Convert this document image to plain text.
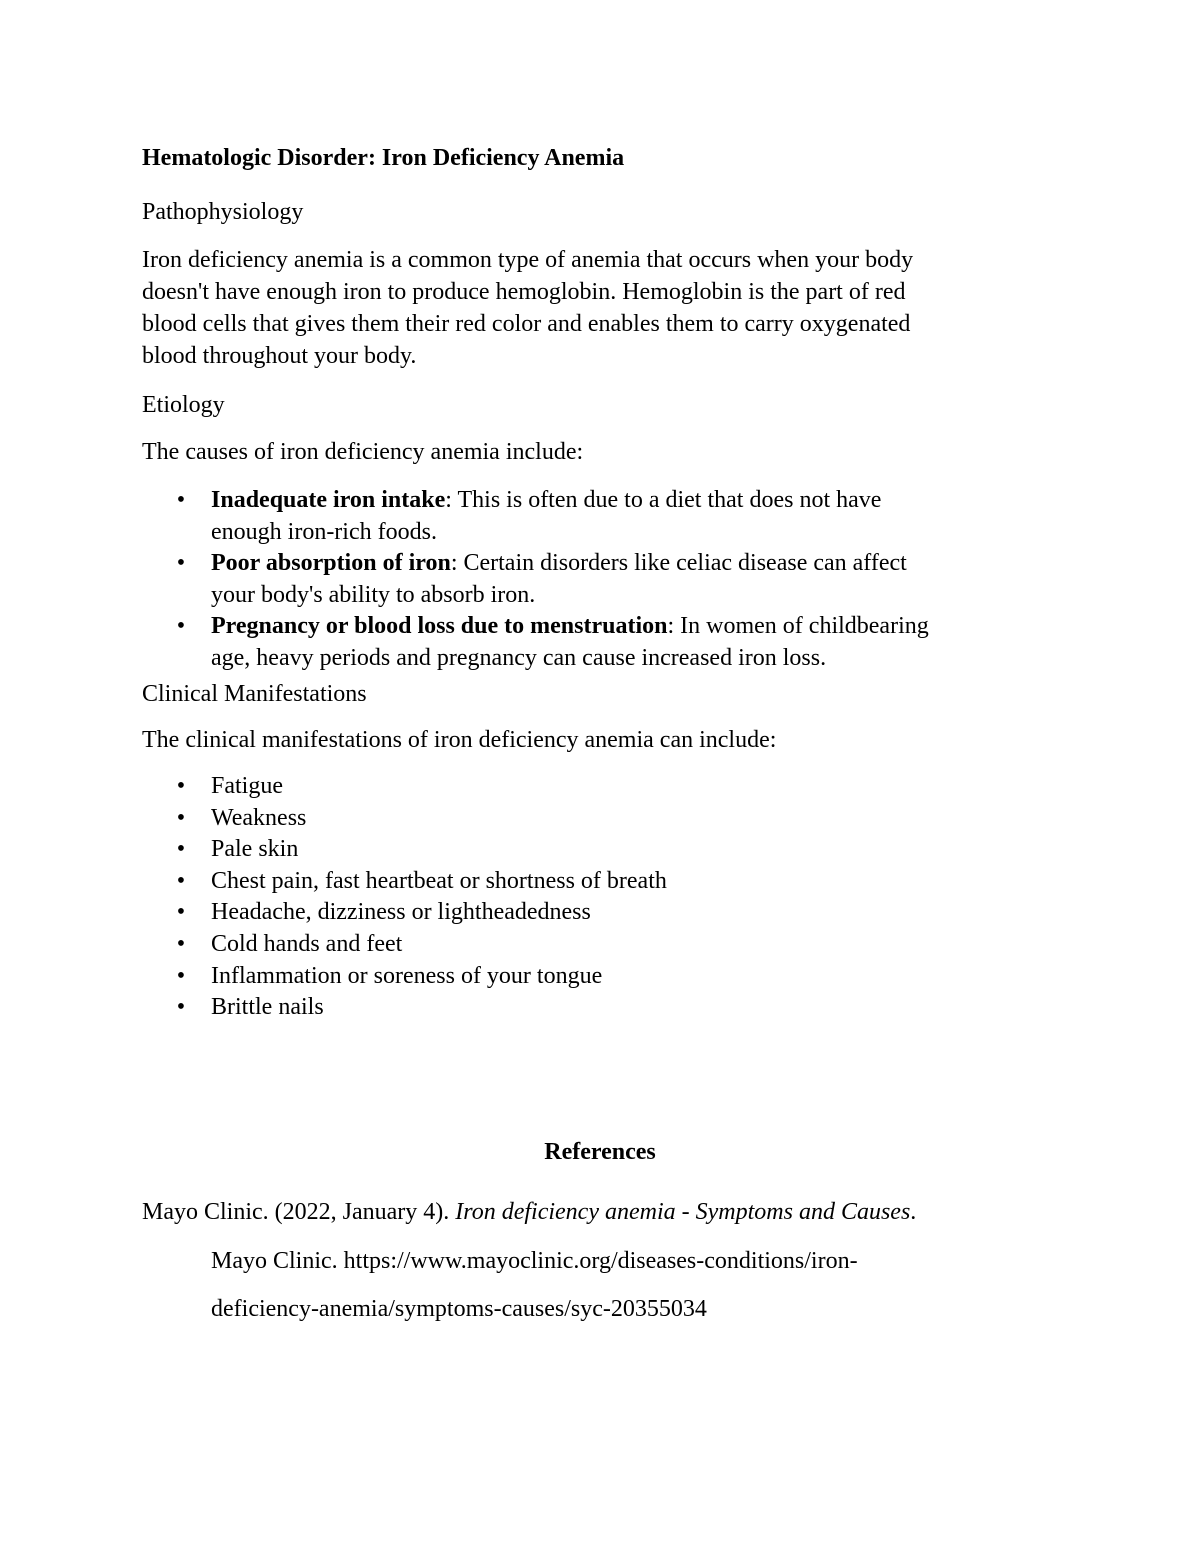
Hematologic Disorder: Iron Deficiency Anemia
Pathophysiology
Iron deficiency anemia is a common type of anemia that occurs when your body
doesn't have enough iron to produce hemoglobin. Hemoglobin is the part of red
blood cells that gives them their red color and enables them to carry oxygenated
blood throughout your body.
Etiology
The causes of iron deficiency anemia include:
• Inadequate iron intake: This is often due to a diet that does not have
enough iron-rich foods.
• Poor absorption of iron: Certain disorders like celiac disease can affect
your body's ability to absorb iron.
• Pregnancy or blood loss due to menstruation: In women of childbearing
age, heavy periods and pregnancy can cause increased iron loss.
Clinical Manifestations
The clinical manifestations of iron deficiency anemia can include:
• Fatigue
• Weakness
• Pale skin
• Chest pain, fast heartbeat or shortness of breath
• Headache, dizziness or lightheadedness
• Cold hands and feet
• Inflammation or soreness of your tongue
• Brittle nails
References
Mayo Clinic. (2022, January 4). Iron deficiency anemia - Symptoms and Causes.
Mayo Clinic. https://www.mayoclinic.org/diseases-conditions/iron-
deficiency-anemia/symptoms-causes/syc-20355034
